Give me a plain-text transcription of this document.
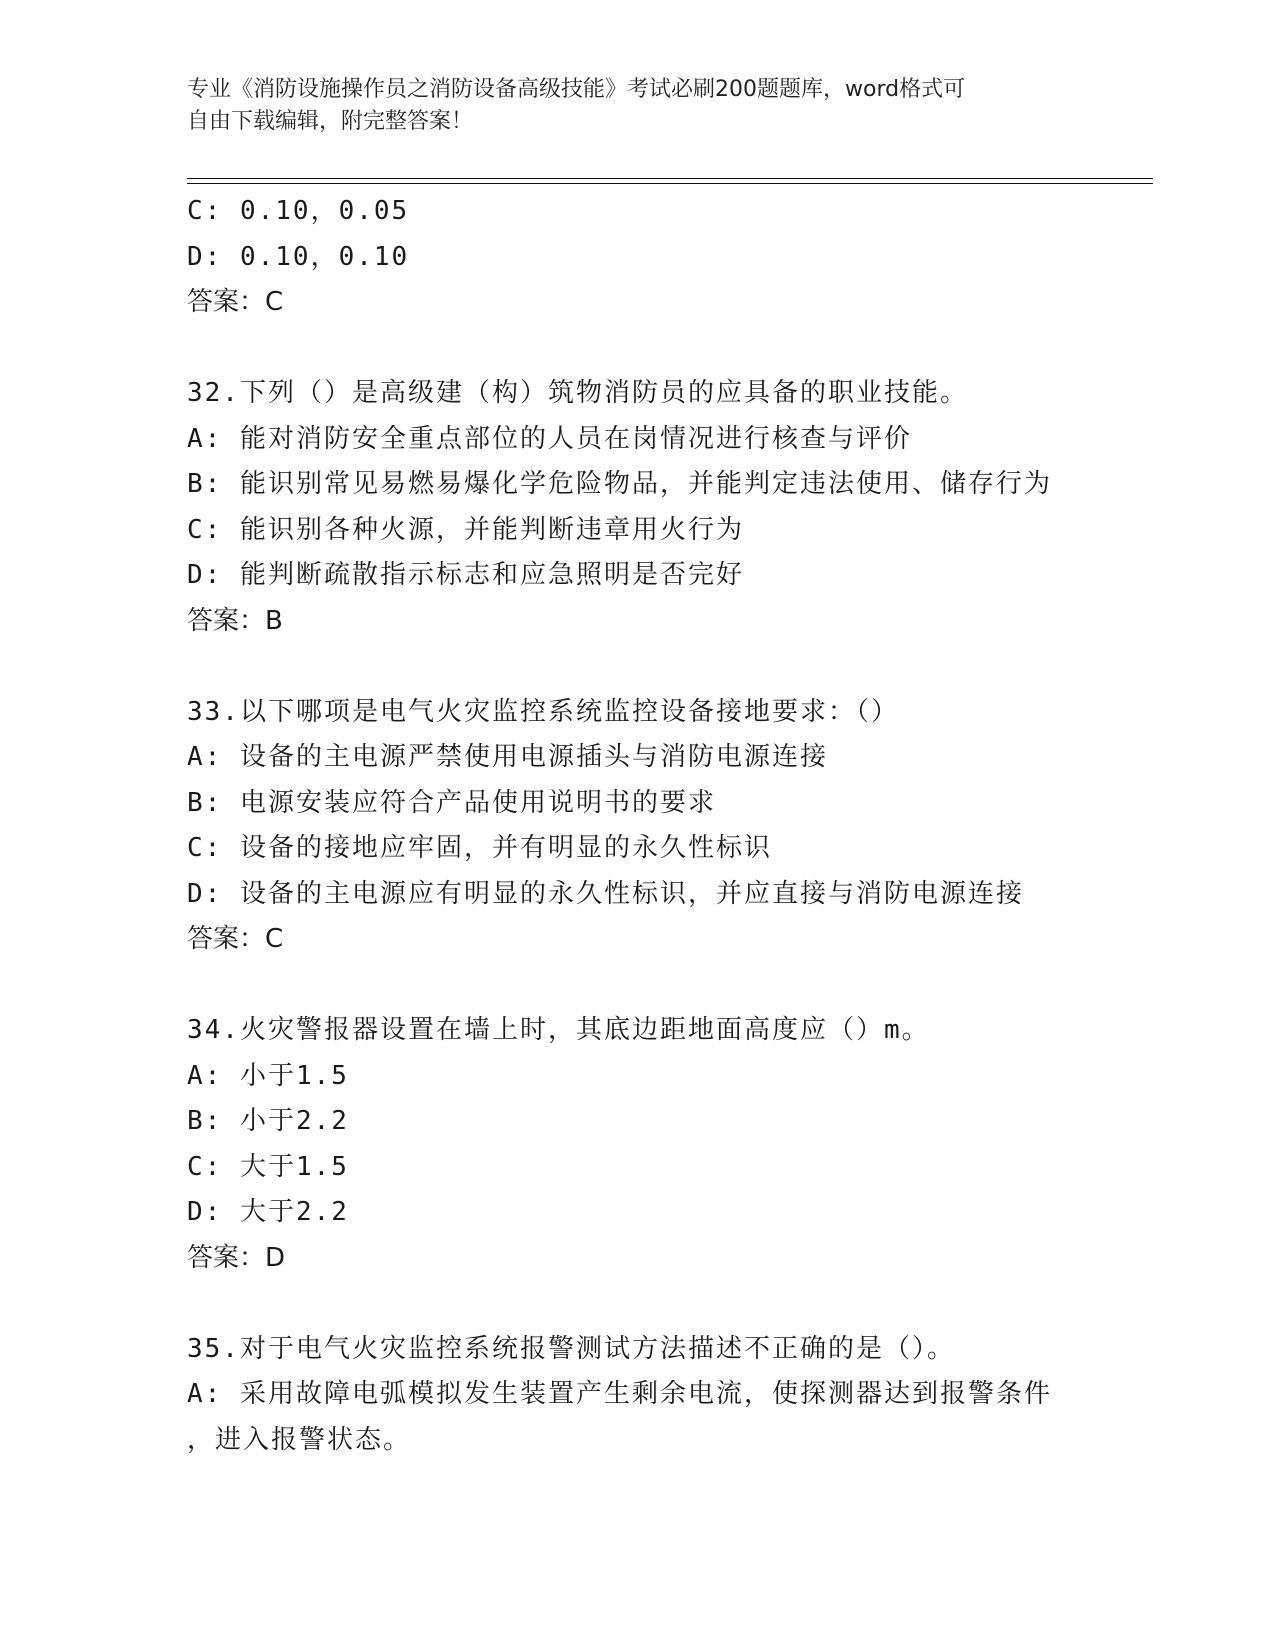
专业《消防设施操作员之消防设备高级技能》考试必刷200题题库，word格式可
自由下载编辑，附完整答案！
C: 0.10，0.05
D: 0.10，0.10
答案：C
32.下列（）是高级建（构）筑物消防员的应具备的职业技能。
A: 能对消防安全重点部位的人员在岗情况进行核查与评价
B: 能识别常见易燃易爆化学危险物品，并能判定违法使用、储存行为
C: 能识别各种火源，并能判断违章用火行为
D: 能判断疏散指示标志和应急照明是否完好
答案：B
33.以下哪项是电气火灾监控系统监控设备接地要求：（）
A: 设备的主电源严禁使用电源插头与消防电源连接
B: 电源安装应符合产品使用说明书的要求
C: 设备的接地应牢固，并有明显的永久性标识
D: 设备的主电源应有明显的永久性标识，并应直接与消防电源连接
答案：C
34.火灾警报器设置在墙上时，其底边距地面高度应（）m。
A: 小于1.5
B: 小于2.2
C: 大于1.5
D: 大于2.2
答案：D
35.对于电气火灾监控系统报警测试方法描述不正确的是（）。
A: 采用故障电弧模拟发生装置产生剩余电流，使探测器达到报警条件
，进入报警状态。
